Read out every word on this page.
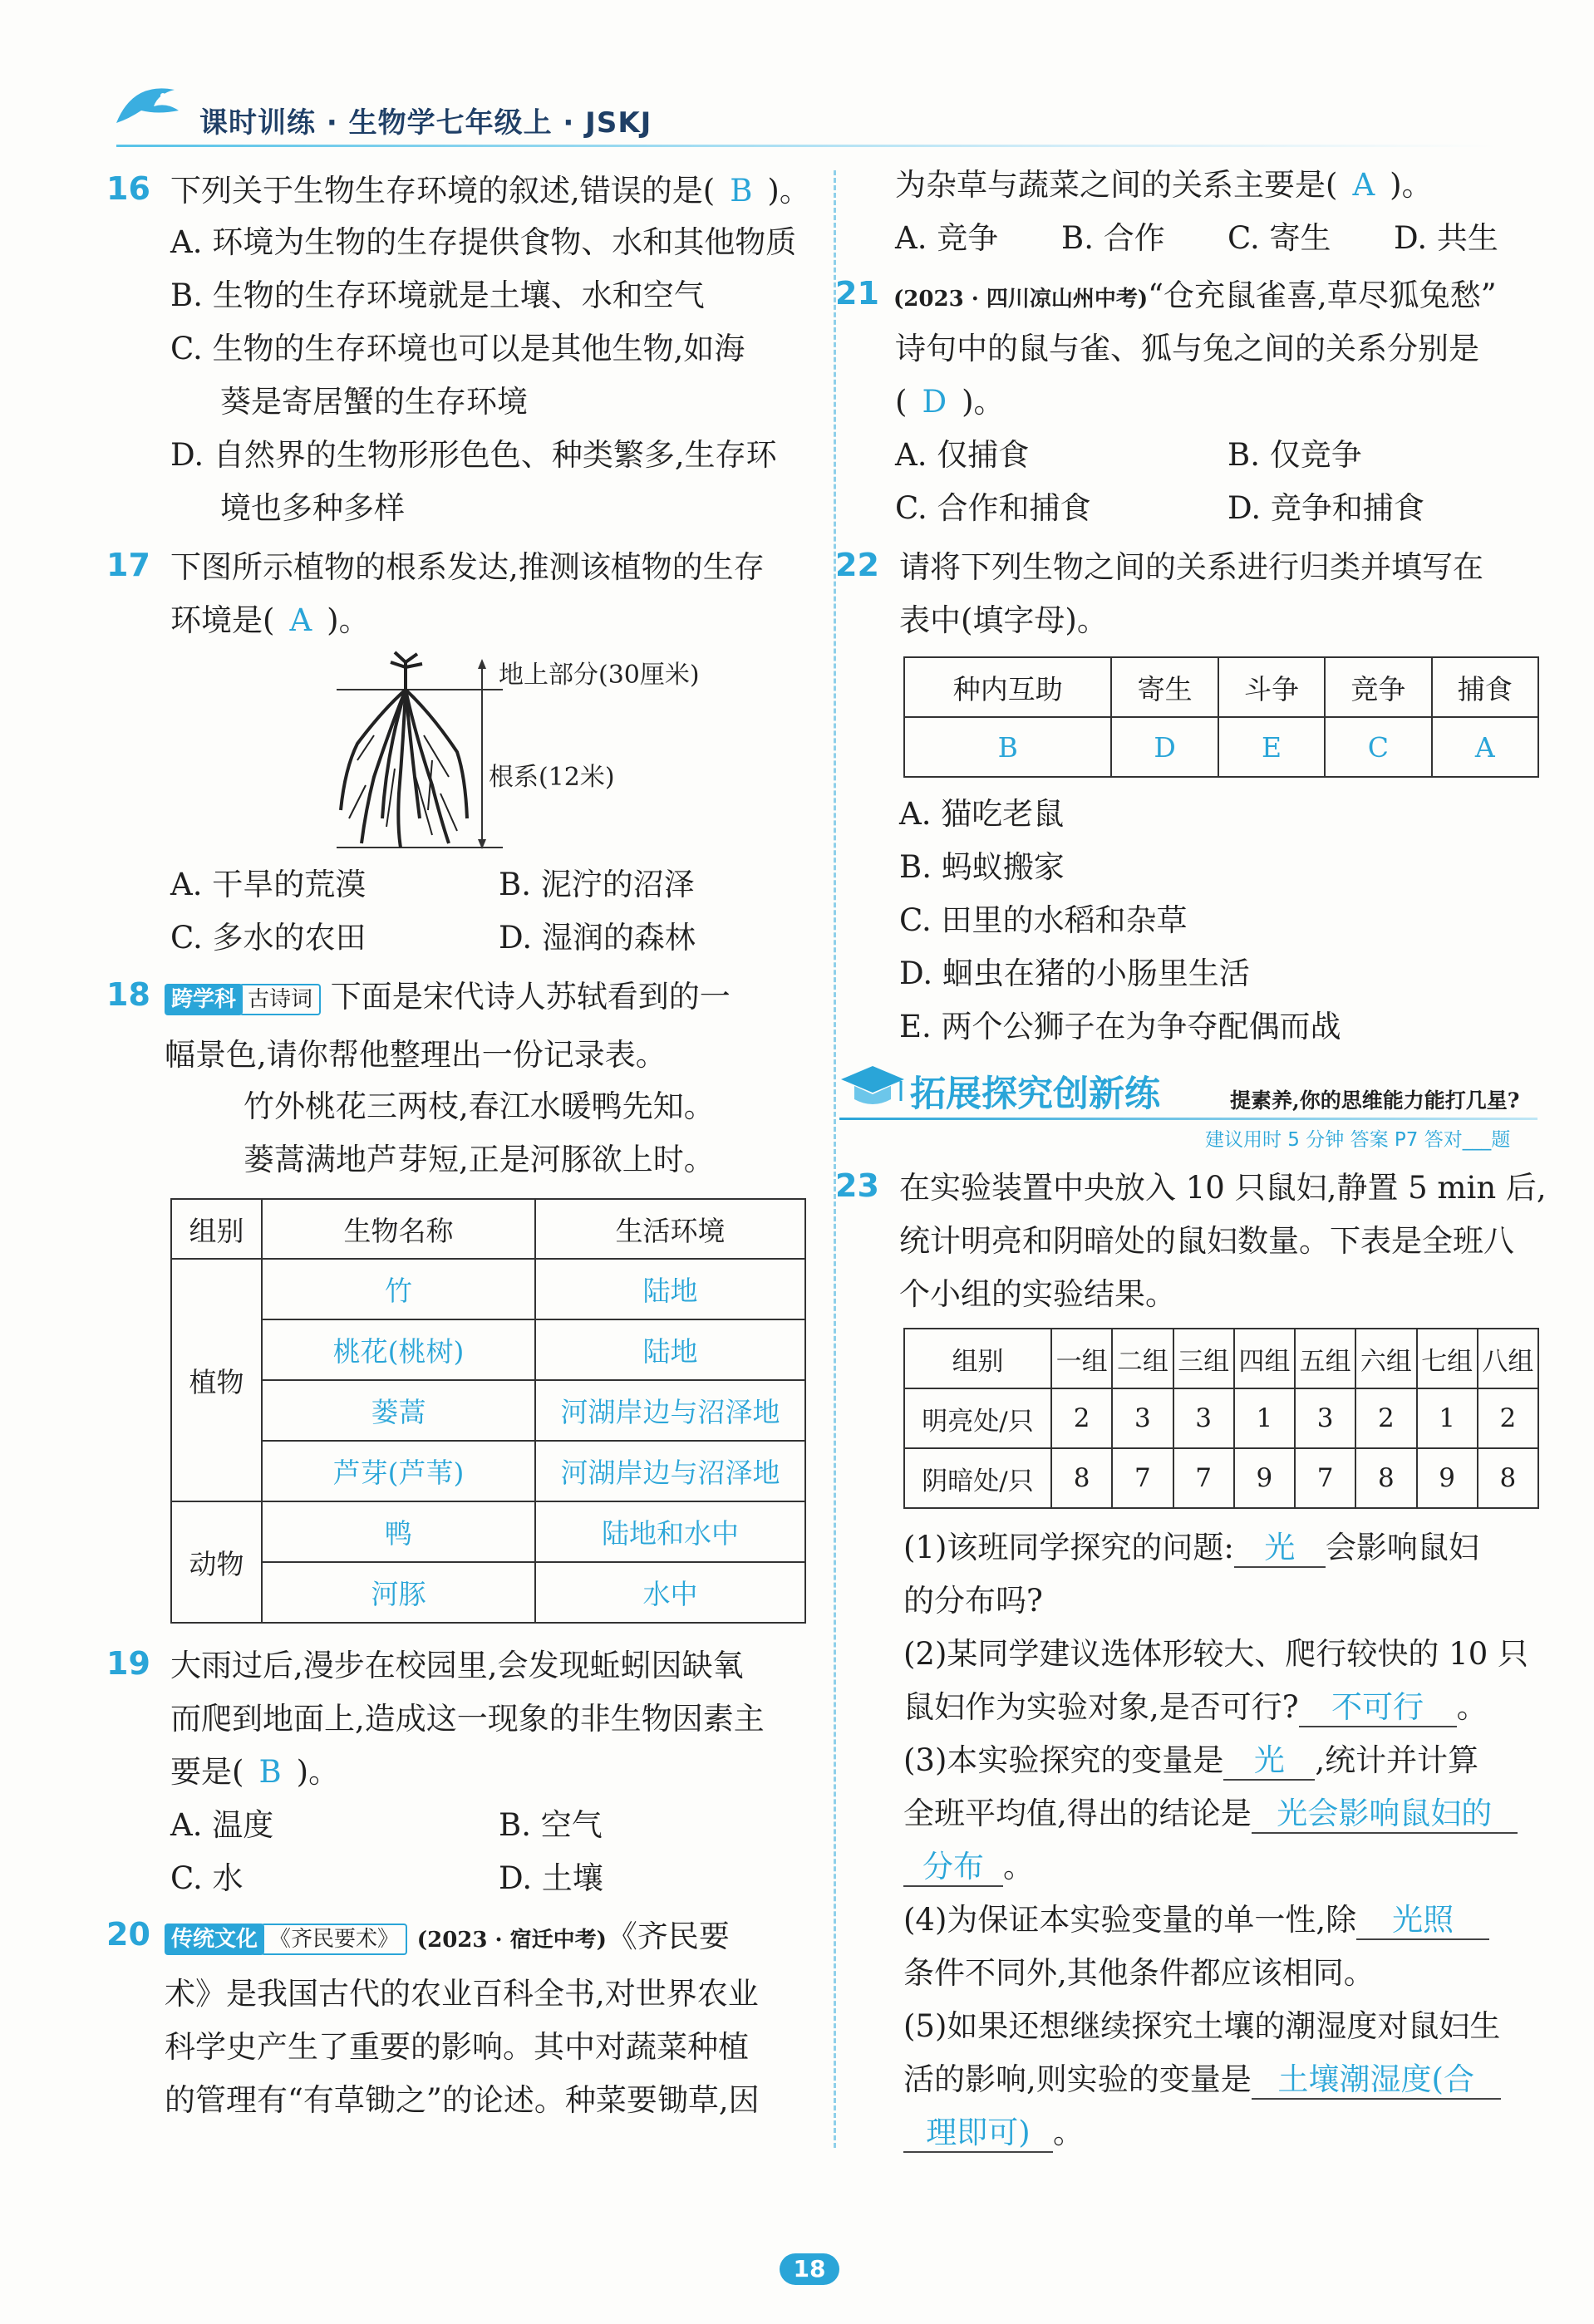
课时训练 · 生物学七年级上 · JSKJ
16 下列关于生物生存环境的叙述,错误的是( B )。
A. 环境为生物的生存提供食物、水和其他物质
B. 生物的生存环境就是土壤、水和空气
C. 生物的生存环境也可以是其他生物,如海
葵是寄居蟹的生存环境
D. 自然界的生物形形色色、种类繁多,生存环
境也多种多样
17 下图所示植物的根系发达,推测该植物的生存
环境是( A )。
地上部分(30厘米)
根系(12米)
A. 干旱的荒漠	B. 泥泞的沼泽
C. 多水的农田	D. 湿润的森林
18 跨学科 古诗词 下面是宋代诗人苏轼看到的一
幅景色,请你帮他整理出一份记录表。
竹外桃花三两枝,春江水暖鸭先知。
蒌蒿满地芦芽短,正是河豚欲上时。
组别	生物名称	生活环境
植物	竹	陆地
	桃花(桃树)	陆地
	蒌蒿	河湖岸边与沼泽地
	芦芽(芦苇)	河湖岸边与沼泽地
动物	鸭	陆地和水中
	河豚	水中
19 大雨过后,漫步在校园里,会发现蚯蚓因缺氧
而爬到地面上,造成这一现象的非生物因素主
要是( B )。
A. 温度	B. 空气
C. 水	D. 土壤
20 传统文化 《齐民要术》 (2023 · 宿迁中考)《齐民要
术》是我国古代的农业百科全书,对世界农业
科学史产生了重要的影响。其中对蔬菜种植
的管理有“有草锄之”的论述。种菜要锄草,因
为杂草与蔬菜之间的关系主要是( A )。
A. 竞争 B. 合作 C. 寄生 D. 共生
21 (2023 · 四川凉山州中考)“仓充鼠雀喜,草尽狐兔愁”
诗句中的鼠与雀、狐与兔之间的关系分别是
( D )。
A. 仅捕食	B. 仅竞争
C. 合作和捕食	D. 竞争和捕食
22 请将下列生物之间的关系进行归类并填写在
表中(填字母)。
种内互助	寄生	斗争	竞争	捕食
B	D	E	C	A
A. 猫吃老鼠
B. 蚂蚁搬家
C. 田里的水稻和杂草
D. 蛔虫在猪的小肠里生活
E. 两个公狮子在为争夺配偶而战
拓展探究创新练	提素养,你的思维能力能打几星?
建议用时 5 分钟 答案 P7 答对___题
23 在实验装置中央放入 10 只鼠妇,静置 5 min 后,
统计明亮和阴暗处的鼠妇数量。下表是全班八
个小组的实验结果。
组别	一组	二组	三组	四组	五组	六组	七组	八组
明亮处/只	2	3	3	1	3	2	1	2
阴暗处/只	8	7	7	9	7	8	9	8
(1)该班同学探究的问题: 光 会影响鼠妇
的分布吗?
(2)某同学建议选体形较大、爬行较快的 10 只
鼠妇作为实验对象,是否可行? 不可行 。
(3)本实验探究的变量是 光 ,统计并计算
全班平均值,得出的结论是 光会影响鼠妇的
分布 。
(4)为保证本实验变量的单一性,除 光照
条件不同外,其他条件都应该相同。
(5)如果还想继续探究土壤的潮湿度对鼠妇生
活的影响,则实验的变量是 土壤潮湿度(合
理即可) 。
18
